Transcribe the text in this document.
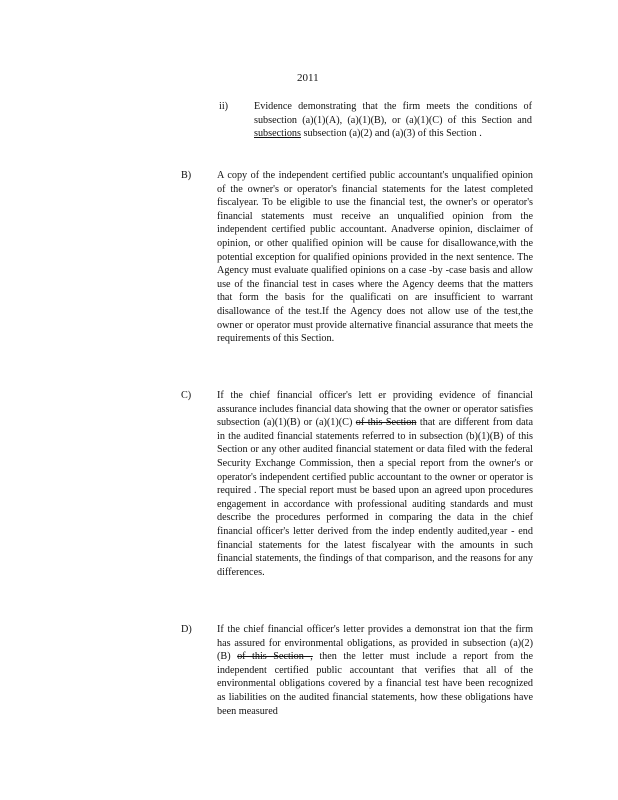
2011
ii)	Evidence demonstrating that the firm meets the conditions of subsection (a)(1)(A), (a)(1)(B), or (a)(1)(C) of this Section and subsections subsection (a)(2) and (a)(3) of this Section .
B)	A copy of the independent certified public accountant's unqualified opinion of the owner's or operator's financial statements for the latest completed fiscalyear. To be eligible to use the financial test, the owner's or operator's financial statements must receive an unqualified opinion from the independent certified public accountant. Anadverse opinion, disclaimer of opinion, or other qualified opinion will be cause for disallowance,with the potential exception for qualified opinions provided in the next sentence. The Agency must evaluate qualified opinions on a case -by -case basis and allow use of the financial test in cases where the Agency deems that the matters that form the basis for the qualificati on are insufficient to warrant disallowance of the test.If the Agency does not allow use of the test,the owner or operator must provide alternative financial assurance that meets the requirements of this Section.
C)	If the chief financial officer's lett er providing evidence of financial assurance includes financial data showing that the owner or operator satisfies subsection (a)(1)(B) or (a)(1)(C) of this Section that are different from data in the audited financial statements referred to in subsection (b)(1)(B) of this Section or any other audited financial statement or data filed with the federal Security Exchange Commission, then a special report from the owner's or operator's independent certified public accountant to the owner or operator is required . The special report must be based upon an agreed upon procedures engagement in accordance with professional auditing standards and must describe the procedures performed in comparing the data in the chief financial officer's letter derived from the indep endently audited,year - end financial statements for the latest fiscalyear with the amounts in such financial statements, the findings of that comparison, and the reasons for any differences.
D) If the chief financial officer's letter provides a demonstrat ion that the firm has assured for environmental obligations, as provided in subsection (a)(2)(B) of this Section , then the letter must include a report from the independent certified public accountant that verifies that all of the environmental obligations covered by a financial test have been recognized as liabilities on the audited financial statements, how these obligations have been measured
